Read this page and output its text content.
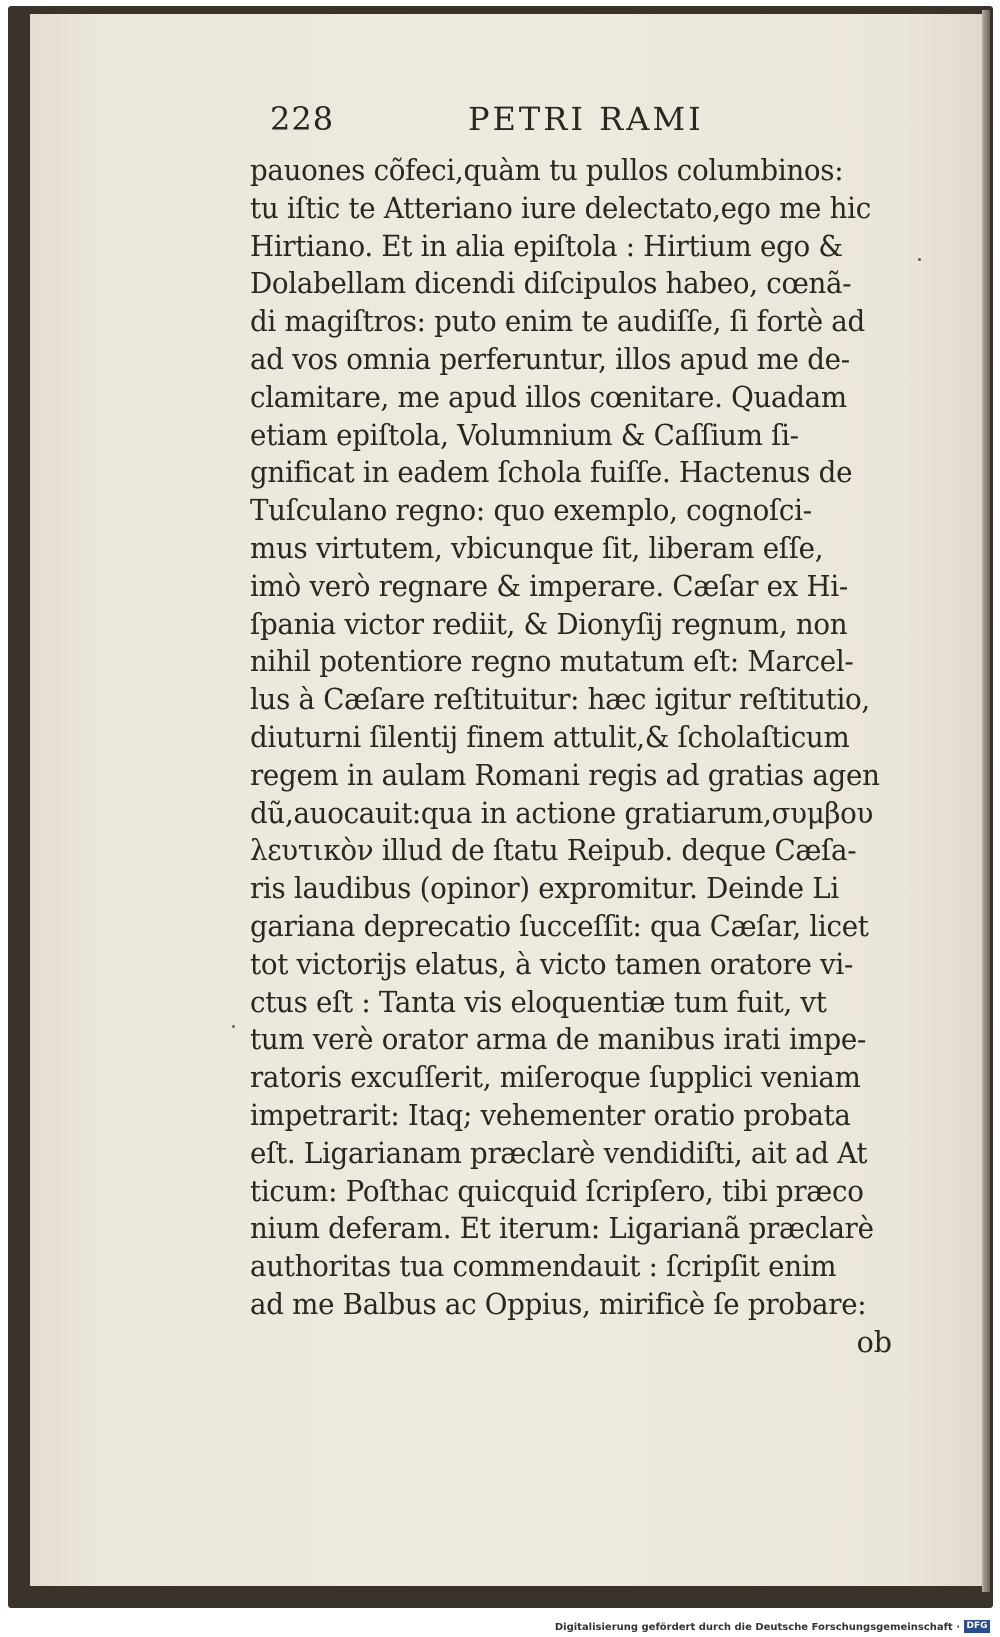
228	PETRI RAMI
pauones cõfeci,quàm tu pullos columbinos:
tu iſtic te Atteriano iure delectato,ego me hic
Hirtiano. Et in alia epiſtola : Hirtium ego &
Dolabellam dicendi diſcipulos habeo, cœnã-
di magiſtros: puto enim te audiſſe, ſi fortè ad
ad vos omnia perferuntur, illos apud me de-
clamitare, me apud illos cœnitare. Quadam
etiam epiſtola, Volumnium & Caſſium ſi-
gnificat in eadem ſchola fuiſſe. Hactenus de
Tuſculano regno: quo exemplo, cognoſci-
mus virtutem, vbicunque ſit, liberam eſſe,
imò verò regnare & imperare. Cæſar ex Hi-
ſpania victor rediit, & Dionyſij regnum, non
nihil potentiore regno mutatum eſt: Marcel-
lus à Cæſare reſtituitur: hæc igitur reſtitutio,
diuturni ſilentij finem attulit,& ſcholaſticum
regem in aulam Romani regis ad gratias agen
dũ,auocauit:qua in actione gratiarum,συμβου
λευτικὸν illud de ſtatu Reipub. deque Cæſa-
ris laudibus (opinor) expromitur. Deinde Li
gariana deprecatio ſucceſſit: qua Cæſar, licet
tot victorijs elatus, à victo tamen oratore vi-
ctus eſt : Tanta vis eloquentiæ tum fuit, vt
tum verè orator arma de manibus irati impe-
ratoris excuſſerit, miſeroque ſupplici veniam
impetrarit: Itaq; vehementer oratio probata
eſt. Ligarianam præclarè vendidiſti, ait ad At
ticum: Poſthac quicquid ſcripſero, tibi præco
nium deferam. Et iterum: Ligarianã præclarè
authoritas tua commendauit : ſcripſit enim
ad me Balbus ac Oppius, mirificè ſe probare:
ob
Digitalisierung gefördert durch die Deutsche Forschungsgemeinschaft · DFG
